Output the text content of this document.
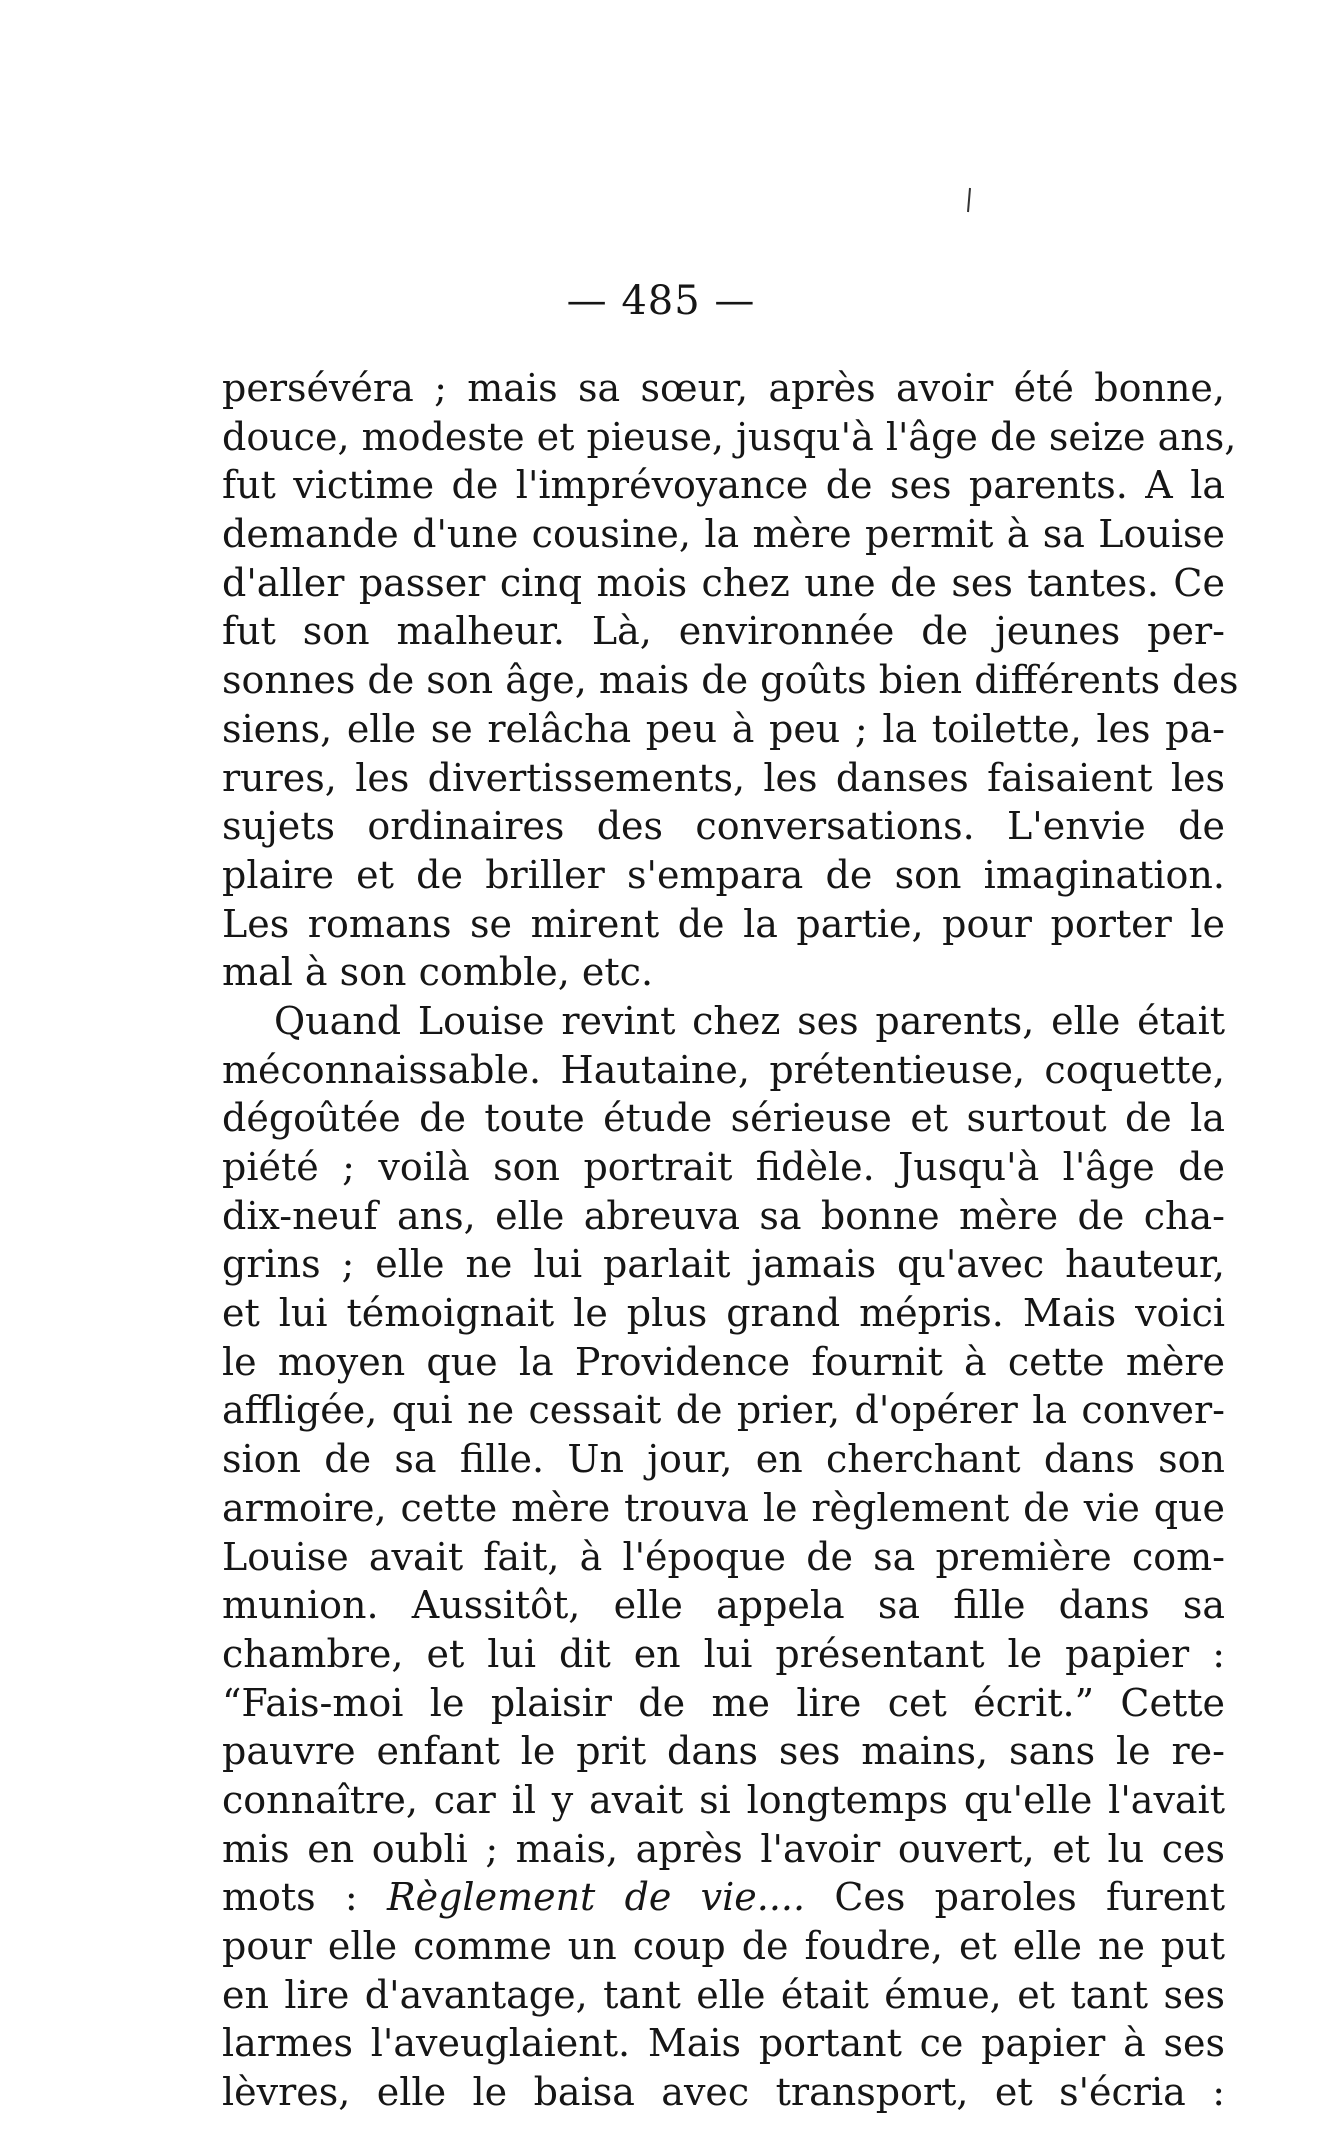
— 485 —
persévéra ; mais sa sœur, après avoir été bonne,
douce, modeste et pieuse, jusqu'à l'âge de seize ans,
fut victime de l'imprévoyance de ses parents. A la
demande d'une cousine, la mère permit à sa Louise
d'aller passer cinq mois chez une de ses tantes. Ce
fut son malheur. Là, environnée de jeunes per-
sonnes de son âge, mais de goûts bien différents des
siens, elle se relâcha peu à peu ; la toilette, les pa-
rures, les divertissements, les danses faisaient les
sujets ordinaires des conversations. L'envie de
plaire et de briller s'empara de son imagination.
Les romans se mirent de la partie, pour porter le
mal à son comble, etc.
Quand Louise revint chez ses parents, elle était
méconnaissable. Hautaine, prétentieuse, coquette,
dégoûtée de toute étude sérieuse et surtout de la
piété ; voilà son portrait fidèle. Jusqu'à l'âge de
dix-neuf ans, elle abreuva sa bonne mère de cha-
grins ; elle ne lui parlait jamais qu'avec hauteur,
et lui témoignait le plus grand mépris. Mais voici
le moyen que la Providence fournit à cette mère
affligée, qui ne cessait de prier, d'opérer la conver-
sion de sa fille. Un jour, en cherchant dans son
armoire, cette mère trouva le règlement de vie que
Louise avait fait, à l'époque de sa première com-
munion. Aussitôt, elle appela sa fille dans sa
chambre, et lui dit en lui présentant le papier :
“Fais-moi le plaisir de me lire cet écrit.” Cette
pauvre enfant le prit dans ses mains, sans le re-
connaître, car il y avait si longtemps qu'elle l'avait
mis en oubli ; mais, après l'avoir ouvert, et lu ces
mots : Règlement de vie.... Ces paroles furent
pour elle comme un coup de foudre, et elle ne put
en lire d'avantage, tant elle était émue, et tant ses
larmes l'aveuglaient. Mais portant ce papier à ses
lèvres, elle le baisa avec transport, et s'écria :
